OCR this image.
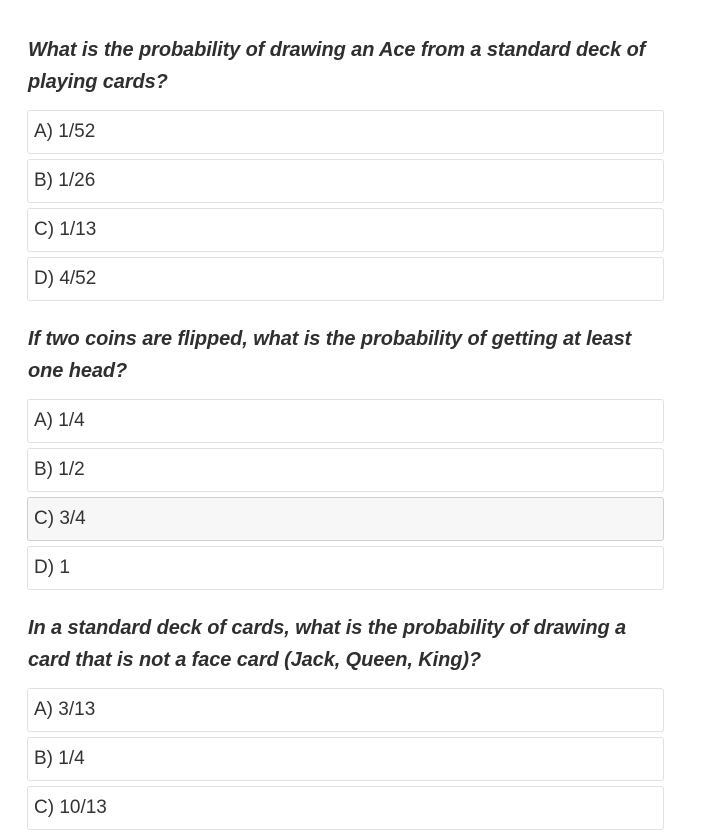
What is the probability of drawing an Ace from a standard deck of playing cards?

A) 1/52
B) 1/26
C) 1/13
D) 4/52

If two coins are flipped, what is the probability of getting at least one head?

A) 1/4
B) 1/2
C) 3/4
D) 1

In a standard deck of cards, what is the probability of drawing a card that is not a face card (Jack, Queen, King)?

A) 3/13
B) 1/4
C) 10/13
